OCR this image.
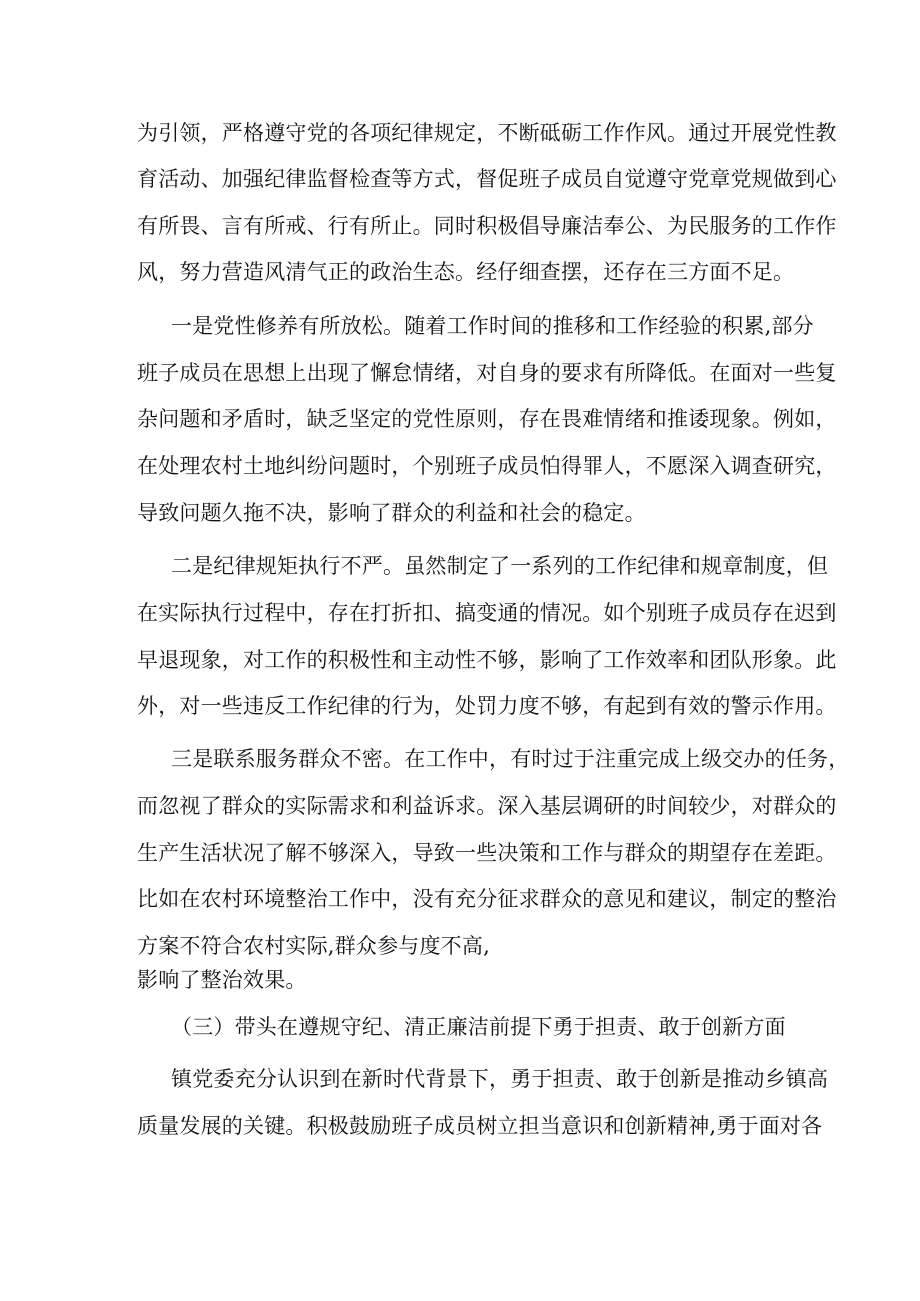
为引领，严格遵守党的各项纪律规定，不断砥砺工作作风。通过开展党性教
育活动、加强纪律监督检查等方式，督促班子成员自觉遵守党章党规做到心
有所畏、言有所戒、行有所止。同时积极倡导廉洁奉公、为民服务的工作作
风，努力营造风清气正的政治生态。经仔细查摆，还存在三方面不足。
一是党性修养有所放松。随着工作时间的推移和工作经验的积累,部分
班子成员在思想上出现了懈怠情绪，对自身的要求有所降低。在面对一些复
杂问题和矛盾时，缺乏坚定的党性原则，存在畏难情绪和推诿现象。例如，
在处理农村土地纠纷问题时，个别班子成员怕得罪人，不愿深入调查研究，
导致问题久拖不决，影响了群众的利益和社会的稳定。
二是纪律规矩执行不严。虽然制定了一系列的工作纪律和规章制度，但
在实际执行过程中，存在打折扣、搞变通的情况。如个别班子成员存在迟到
早退现象，对工作的积极性和主动性不够，影响了工作效率和团队形象。此
外，对一些违反工作纪律的行为，处罚力度不够，有起到有效的警示作用。
三是联系服务群众不密。在工作中，有时过于注重完成上级交办的任务，
而忽视了群众的实际需求和利益诉求。深入基层调研的时间较少，对群众的
生产生活状况了解不够深入，导致一些决策和工作与群众的期望存在差距。
比如在农村环境整治工作中，没有充分征求群众的意见和建议，制定的整治
方案不符合农村实际,群众参与度不高,
影响了整治效果。
（三）带头在遵规守纪、清正廉洁前提下勇于担责、敢于创新方面
镇党委充分认识到在新时代背景下，勇于担责、敢于创新是推动乡镇高
质量发展的关键。积极鼓励班子成员树立担当意识和创新精神,勇于面对各
